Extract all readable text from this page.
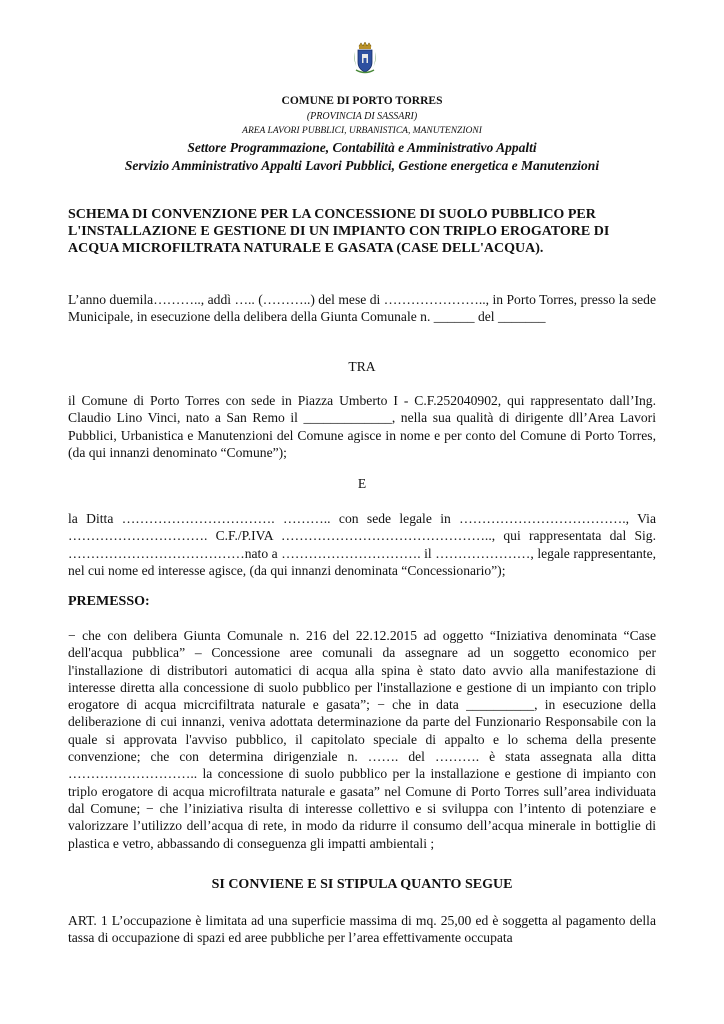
COMUNE DI PORTO TORRES
(PROVINCIA DI SASSARI)
AREA LAVORI PUBBLICI, URBANISTICA, MANUTENZIONI
Settore Programmazione, Contabilità e Amministrativo Appalti
Servizio Amministrativo Appalti Lavori Pubblici, Gestione energetica e Manutenzioni
SCHEMA DI CONVENZIONE PER LA CONCESSIONE DI SUOLO PUBBLICO PER L'INSTALLAZIONE E GESTIONE DI UN IMPIANTO CON TRIPLO EROGATORE DI ACQUA MICROFILTRATA NATURALE E GASATA (CASE DELL'ACQUA).
L’anno duemila……….., addì ….. (………..) del mese di ………………….., in Porto Torres, presso la sede Municipale, in esecuzione della delibera della Giunta Comunale n. ______ del _______
TRA
il Comune di Porto Torres con sede in Piazza Umberto I - C.F.252040902, qui rappresentato dall’Ing. Claudio Lino Vinci, nato a San Remo il _____________, nella sua qualità di dirigente dll’Area Lavori Pubblici, Urbanistica e Manutenzioni del Comune agisce in nome e per conto del Comune di Porto Torres, (da qui innanzi denominato “Comune”);
E
la Ditta ……………………………. ……….. con sede legale in ………………………………., Via …………………………. C.F./P.IVA ……………………………………….., qui rappresentata dal Sig. …………………………………nato a …………………………. il …………………, legale rappresentante, nel cui nome ed interesse agisce, (da qui innanzi denominata “Concessionario”);
PREMESSO:
− che con delibera Giunta Comunale n. 216 del 22.12.2015 ad oggetto “Iniziativa denominata “Case dell'acqua pubblica” – Concessione aree comunali da assegnare ad un soggetto economico per l'installazione di distributori automatici di acqua alla spina è stato dato avvio alla manifestazione di interesse diretta alla concessione di suolo pubblico per l'installazione e gestione di un impianto con triplo erogatore di acqua micrcifiltrata naturale e gasata”; − che in data __________, in esecuzione della deliberazione di cui innanzi, veniva adottata determinazione da parte del Funzionario Responsabile con la quale si approvata l'avviso pubblico, il capitolato speciale di appalto e lo schema della presente convenzione; che con determina dirigenziale n. ……. del ………. è stata assegnata alla ditta ……………………….. la concessione di suolo pubblico per la installazione e gestione di impianto con triplo erogatore di acqua microfiltrata naturale e gasata” nel Comune di Porto Torres sull’area individuata dal Comune; − che l’iniziativa risulta di interesse collettivo e si sviluppa con l’intento di potenziare e valorizzare l’utilizzo dell’acqua di rete, in modo da ridurre il consumo dell’acqua minerale in bottiglie di plastica e vetro, abbassando di conseguenza gli impatti ambientali ;
SI CONVIENE E SI STIPULA QUANTO SEGUE
ART. 1 L’occupazione è limitata ad una superficie massima di mq. 25,00 ed è soggetta al pagamento della tassa di occupazione di spazi ed aree pubbliche per l’area effettivamente occupata
